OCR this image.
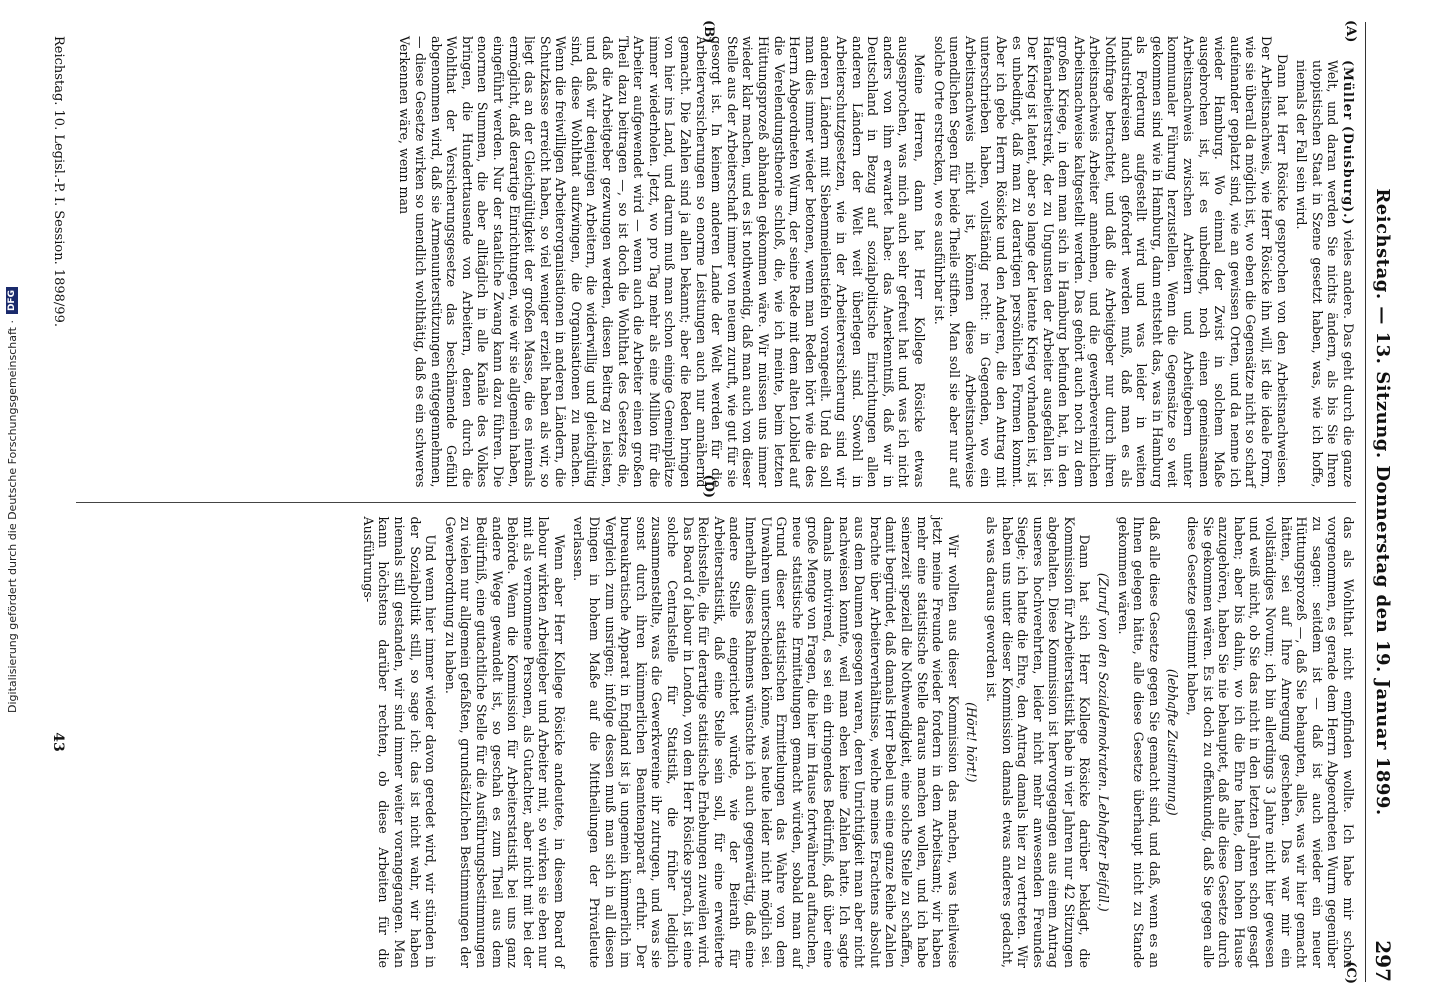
Reichstag. — 13. Sitzung. Donnerstag den 19. Januar 1899.
297
(A)
(B)

(Müller (Duisburg).) vieles andere. Das geht durch die ganze Welt, und daran werden Sie nichts ändern, als bis Sie Ihren utopistischen Staat in Szene gesetzt haben, was, wie ich hoffe, niemals der Fall sein wird.

Dann hat Herr Rösicke gesprochen von den Arbeitsnachweisen. Der Arbeitsnachweis, wie Herr Rösicke ihn will, ist die ideale Form, wie sie überall da möglich ist, wo eben die Gegensätze nicht so scharf aufeinander geplatzt sind, wie an gewissen Orten, und da nenne ich wieder Hamburg. Wo einmal der Zwist in solchem Maße ausgebrochen ist, ist es unbedingt, noch einen gemeinsamen Arbeitsnachweis zwischen Arbeitern und Arbeitgebern unter kommunaler Führung herzustellen. Wenn die Gegensätze so weit gekommen sind wie in Hamburg, dann entsteht das, was in Hamburg als Forderung aufgestellt wird und was leider in weiten Industriekreisen auch gefordert werden muß, daß man es als Nothfrage betrachtet, und daß die Arbeitgeber nur durch ihren Arbeitsnachweis Arbeiter annehmen, und die gewerbevereinlichen Arbeitsnachweise kaltgestellt werden. Das gehört auch noch zu dem großen Kriege, in dem man sich in Hamburg befunden hat, in den Hafenarbeiterstreik, der zu Ungunsten der Arbeiter ausgefallen ist. Der Krieg ist latent, aber so lange der latente Krieg vorhanden ist, ist es unbedingt, daß man zu derartigen persönlichen Formen kommt. Aber ich gebe Herrn Rösicke und den Anderen, die den Antrag mit unterschrieben haben, vollständig recht: in Gegenden, wo ein Arbeitsnachweis nicht ist, können diese Arbeitsnachweise unendlichen Segen für beide Theile stiften. Man soll sie aber nur auf solche Orte erstrecken, wo es ausführbar ist.

Meine Herren, dann hat Herr Kollege Rösicke etwas ausgesprochen, was mich auch sehr gefreut hat und was ich nicht anders von ihm erwartet habe: das Anerkenntniß, daß wir in Deutschland in Bezug auf sozialpolitische Einrichtungen allen anderen Ländern der Welt weit überlegen sind. Sowohl in Arbeiterschutzgesetzen, wie in der Arbeiterversicherung sind wir anderen Ländern mit Siebenmeilenstiefeln vorangeeilt. Und da soll man dies immer wieder betonen, wenn man Reden hört wie die des Herrn Abgeordneten Wurm, der seine Rede mit dem alten Loblied auf die Verelendungstheorie schloß, die, wie ich meinte, beim letzten Hüttungsprozeß abhanden gekommen wäre. Wir müssen uns immer wieder klar machen, und es ist nothwendig, daß man auch von dieser Stelle aus der Arbeiterschaft immer von neuem zuruft, wie gut für sie gesorgt ist. In keinem anderen Lande der Welt werden für die Arbeiterversicherungen so enorme Leistungen auch nur annähernd gemacht. Die Zahlen sind ja allen bekannt; aber die Reden bringen von hier ins Land, und darum muß man schon einige Gemeinplätze immer wiederholen. Jetzt, wo pro Tag mehr als eine Million für die Arbeiter aufgewendet wird — wenn auch die Arbeiter einen großen Theil dazu beitragen —, so ist doch die Wohlthat des Gesetzes die, daß die Arbeitgeber gezwungen werden, diesen Beitrag zu leisten, und daß wir denjenigen Arbeitern, die widerwillig und gleichgültig sind, diese Wohlthat aufzwingen, die Organisationen zu machen. Wenn die freiwilligen Arbeiterorganisationen in anderen Ländern, die Schutzkasse erreicht haben, so viel weniger erzielt haben als wir, so liegt das an der Gleichgültigkeit der großen Masse, die es niemals ermöglicht, daß derartige Einrichtungen, wie wir sie allgemein haben, eingeführt werden. Nur der staatliche Zwang kann dazu führen. Die enormen Summen, die aber alltäglich in alle Kanäle des Volkes bringen, die Hunderttausende von Arbeitern, denen durch die Wohlthat der Versicherungsgesetze das beschämende Gefühl abgenommen wird, daß sie Armenunterstützungen entgegennehmen, — diese Gesetze wirken so unendlich wohlthätig, daß es ein schweres Verkennen wäre, wenn man

(C)
(D)

das als Wohlthat nicht empfinden wollte. Ich habe mir schon vorgenommen, es gerade dem Herrn Abgeordneten Wurm gegenüber zu sagen: seitdem ist — daß ist auch wieder ein neuer Hüttungsprozeß —, daß Sie behaupten, alles, was wir hier gemacht hätten, sei auf Ihre Anregung geschehen. Das war mir ein vollständiges Novum; ich bin allerdings 3 Jahre nicht hier gewesen und weiß nicht, ob Sie das nicht in den letzten Jahren schon gesagt haben; aber bis dahin, wo ich die Ehre hatte, dem hohen Hause anzugehören, haben Sie nie behauptet, daß alle diese Gesetze durch Sie gekommen wären. Es ist doch zu offenkundig, daß Sie gegen alle diese Gesetze gestimmt haben,

(lebhafte Zustimmung)

daß alle diese Gesetze gegen Sie gemacht sind, und daß, wenn es an Ihnen gelegen hätte, alle diese Gesetze überhaupt nicht zu Stande gekommen wären.

(Zuruf von den Sozialdemokraten. Lebhafter Beifall.)

Dann hat sich Herr Kollege Rösicke darüber beklagt, die Kommission für Arbeiterstatistik habe in vier Jahren nur 42 Sitzungen abgehalten. Diese Kommission ist hervorgegangen aus einem Antrag unseres hochverehrten, leider nicht mehr anwesenden Freundes Siegle; ich hatte die Ehre, den Antrag damals hier zu vertreten. Wir haben uns unter dieser Kommission damals etwas anderes gedacht, als was daraus geworden ist.

(Hört! hört!)

Wir wollten aus dieser Kommission das machen, was theilweise jetzt meine Freunde wieder fordern in dem Arbeitsamt; wir haben mehr eine statistische Stelle daraus machen wollen, und ich habe seinerzeit speziell die Nothwendigkeit, eine solche Stelle zu schaffen, damit begründet, daß damals Herr Bebel uns eine ganze Reihe Zahlen brachte über Arbeiterverhältnisse, welche meines Erachtens absolut aus dem Daumen gesogen waren, deren Unrichtigkeit man aber nicht nachweisen konnte, weil man eben keine Zahlen hatte. Ich sagte damals motivirend, es sei ein dringendes Bedürfniß, daß über eine große Menge von Fragen, die hier im Hause fortwährend auftauchen, neue statistische Ermittelungen gemacht würden, sobald man auf Grund dieser statistischen Ermittelungen das Wahre von dem Unwahren unterscheiden könne, was heute leider nicht möglich sei. Innerhalb dieses Rahmens wünschte ich auch gegenwärtig, daß eine andere Stelle eingerichtet würde, wie der Beirath für Arbeiterstatistik, daß eine Stelle sein soll, für eine erweiterte Reichsstelle, die für derartige statistische Erhebungen zuweilen wird. Das Board of labour in London, von dem Herr Rösicke sprach, ist eine solche Centralstelle für Statistik, die früher lediglich zusammenstellte, was die Gewerkvereine ihr zutrugen, und was sie sonst durch ihren kümmerlichen Beamtenapparat erfuhr. Der bureaukratische Apparat in England ist ja ungemein kümmerlich im Vergleich zum unsrigen; infolge dessen muß man sich in all diesen Dingen in hohem Maße auf die Mittheilungen der Privatleute verlassen.

Wenn aber Herr Kollege Rösicke andeutete, in diesem Board of labour wirkten Arbeitgeber und Arbeiter mit, so wirken sie eben nur mit als vernommene Personen, als Gutachter, aber nicht mit bei der Behörde. Wenn die Kommission für Arbeiterstatistik bei uns ganz andere Wege gewandelt ist, so geschah es zum Theil aus dem Bedürfniß, eine gutachtliche Stelle für die Ausführungsbestimmungen zu vielen nur allgemein gefaßten, grundsätzlichen Bestimmungen der Gewerbeordnung zu haben.

Und wenn hier immer wieder davon geredet wird, wir stünden in der Sozialpolitik still, so sage ich: das ist nicht wahr, wir haben niemals still gestanden, wir sind immer weiter vorangegangen. Man kann höchstens darüber rechten, ob diese Arbeiten für die Ausführungs-

Reichstag. 10. Legisl.-P. I. Session. 1898/99.
43
Digitalisierung gefördert durch die Deutsche Forschungsgemeinschaft ·
DFG
